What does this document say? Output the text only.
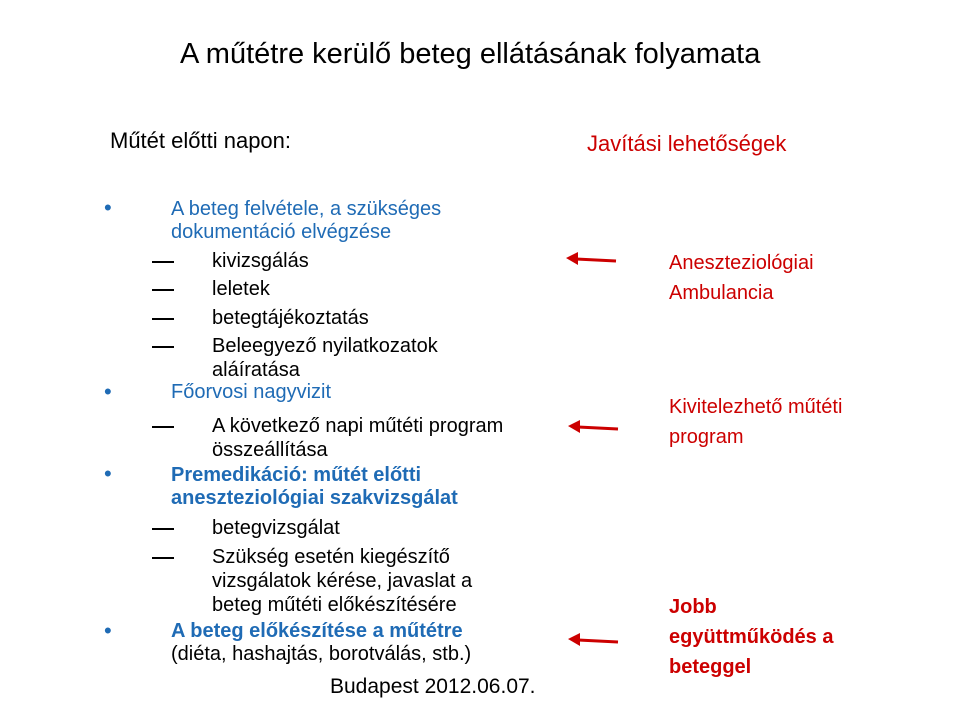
A műtétre kerülő beteg ellátásának folyamata
Műtét előtti napon:	Javítási lehetőségek
•	A beteg felvétele, a szükséges
dokumentáció elvégzése
kivizsgálás
leletek
betegtájékoztatás
Beleegyező nyilatkozatok
aláíratása
•	Főorvosi nagyvizit
A következő napi műtéti program
összeállítása
•	Premedikáció: műtét előtti
aneszteziológiai szakvizsgálat
betegvizsgálat
Szükség esetén kiegészítő
vizsgálatok kérése, javaslat a
beteg műtéti előkészítésére
•	A beteg előkészítése a műtétre
(diéta, hashajtás, borotválás, stb.)
Aneszteziológiai
Ambulancia
Kivitelezhető műtéti
program
Jobb
együttműködés a
beteggel
Budapest 2012.06.07.
